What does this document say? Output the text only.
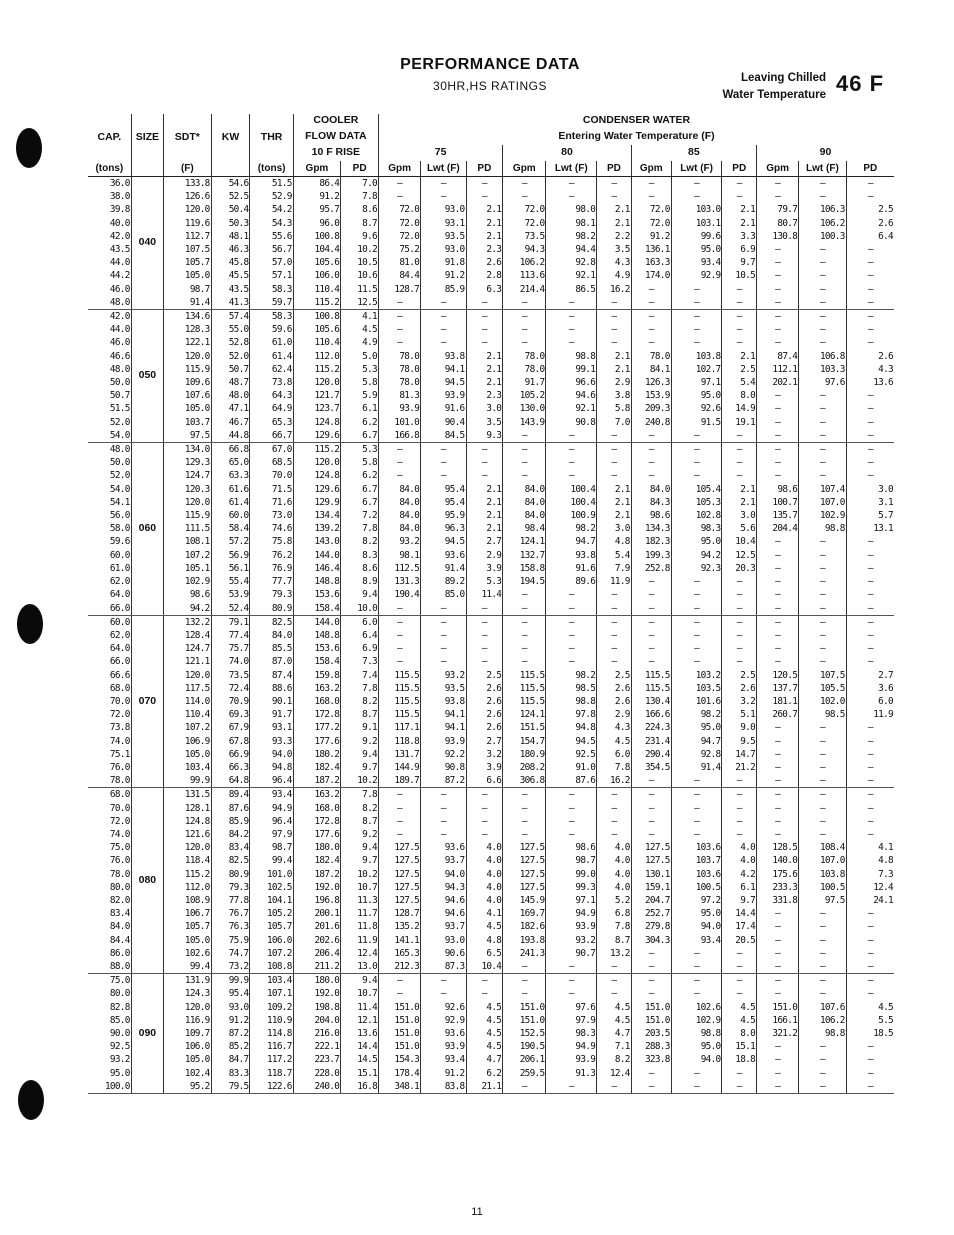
PERFORMANCE DATA
30HR,HS RATINGS
Leaving Chilled
Water Temperature 46 F
CAP.	SIZE	SDT*	KW	THR	COOLER		CONDENSER WATER											
					FLOW DATA		Entering Water Temperature (F)											
					10 F RISE		75			80			85			90		
(tons)		(F)		(tons)	Gpm	PD	Gpm	Lwt (F)	PD	Gpm	Lwt (F)	PD	Gpm	Lwt (F)	PD	Gpm	Lwt (F)	PD
36.0	040	133.8	54.6	51.5	86.4	7.0	—	—	—	—	—	—	—	—	—	—	—	—
38.0		126.6	52.5	52.9	91.2	7.8	—	—	—	—	—	—	—	—	—	—	—	—
39.8		120.0	50.4	54.2	95.7	8.6	72.0	93.0	2.1	72.0	98.0	2.1	72.0	103.0	2.1	79.7	106.3	2.5
40.0		119.6	50.3	54.3	96.0	8.7	72.0	93.1	2.1	72.0	98.1	2.1	72.0	103.1	2.1	80.7	106.2	2.6
42.0		112.7	48.1	55.6	100.8	9.6	72.0	93.5	2.1	73.5	98.2	2.2	91.2	99.6	3.3	130.8	100.3	6.4
43.5		107.5	46.3	56.7	104.4	10.2	75.2	93.0	2.3	94.3	94.4	3.5	136.1	95.0	6.9	—	—	—
44.0		105.7	45.8	57.0	105.6	10.5	81.0	91.8	2.6	106.2	92.8	4.3	163.3	93.4	9.7	—	—	—
44.2		105.0	45.5	57.1	106.0	10.6	84.4	91.2	2.8	113.6	92.1	4.9	174.0	92.9	10.5	—	—	—
46.0		98.7	43.5	58.3	110.4	11.5	128.7	85.9	6.3	214.4	86.5	16.2	—	—	—	—	—	—
48.0		91.4	41.3	59.7	115.2	12.5	—	—	—	—	—	—	—	—	—	—	—	—
42.0	050	134.6	57.4	58.3	100.8	4.1	—	—	—	—	—	—	—	—	—	—	—	—
44.0		128.3	55.0	59.6	105.6	4.5	—	—	—	—	—	—	—	—	—	—	—	—
46.0		122.1	52.8	61.0	110.4	4.9	—	—	—	—	—	—	—	—	—	—	—	—
46.6		120.0	52.0	61.4	112.0	5.0	78.0	93.8	2.1	78.0	98.8	2.1	78.0	103.8	2.1	87.4	106.8	2.6
48.0		115.9	50.7	62.4	115.2	5.3	78.0	94.1	2.1	78.0	99.1	2.1	84.1	102.7	2.5	112.1	103.3	4.3
50.0		109.6	48.7	73.8	120.0	5.8	78.0	94.5	2.1	91.7	96.6	2.9	126.3	97.1	5.4	202.1	97.6	13.6
50.7		107.6	48.0	64.3	121.7	5.9	81.3	93.9	2.3	105.2	94.6	3.8	153.9	95.0	8.0	—	—	—
51.5		105.0	47.1	64.9	123.7	6.1	93.9	91.6	3.0	130.0	92.1	5.8	209.3	92.6	14.9	—	—	—
52.0		103.7	46.7	65.3	124.8	6.2	101.0	90.4	3.5	143.9	90.8	7.0	240.8	91.5	19.1	—	—	—
54.0		97.5	44.8	66.7	129.6	6.7	166.8	84.5	9.3	—	—	—	—	—	—	—	—	—
48.0	060	134.0	66.8	67.0	115.2	5.3	—	—	—	—	—	—	—	—	—	—	—	—
50.0		129.3	65.0	68.5	120.0	5.8	—	—	—	—	—	—	—	—	—	—	—	—
52.0		124.7	63.3	70.0	124.8	6.2	—	—	—	—	—	—	—	—	—	—	—	—
54.0		120.3	61.6	71.5	129.6	6.7	84.0	95.4	2.1	84.0	100.4	2.1	84.0	105.4	2.1	98.6	107.4	3.0
54.1		120.0	61.4	71.6	129.9	6.7	84.0	95.4	2.1	84.0	100.4	2.1	84.3	105.3	2.1	100.7	107.0	3.1
56.0		115.9	60.0	73.0	134.4	7.2	84.0	95.9	2.1	84.0	100.9	2.1	98.6	102.8	3.0	135.7	102.9	5.7
58.0		111.5	58.4	74.6	139.2	7.8	84.0	96.3	2.1	98.4	98.2	3.0	134.3	98.3	5.6	204.4	98.8	13.1
59.6		108.1	57.2	75.8	143.0	8.2	93.2	94.5	2.7	124.1	94.7	4.8	182.3	95.0	10.4	—	—	—
60.0		107.2	56.9	76.2	144.0	8.3	98.1	93.6	2.9	132.7	93.8	5.4	199.3	94.2	12.5	—	—	—
61.0		105.1	56.1	76.9	146.4	8.6	112.5	91.4	3.9	158.8	91.6	7.9	252.8	92.3	20.3	—	—	—
62.0		102.9	55.4	77.7	148.8	8.9	131.3	89.2	5.3	194.5	89.6	11.9	—	—	—	—	—	—
64.0		98.6	53.9	79.3	153.6	9.4	190.4	85.0	11.4	—	—	—	—	—	—	—	—	—
66.0		94.2	52.4	80.9	158.4	10.0	—	—	—	—	—	—	—	—	—	—	—	—
60.0	070	132.2	79.1	82.5	144.0	6.0	—	—	—	—	—	—	—	—	—	—	—	—
62.0		128.4	77.4	84.0	148.8	6.4	—	—	—	—	—	—	—	—	—	—	—	—
64.0		124.7	75.7	85.5	153.6	6.9	—	—	—	—	—	—	—	—	—	—	—	—
66.0		121.1	74.0	87.0	158.4	7.3	—	—	—	—	—	—	—	—	—	—	—	—
66.6		120.0	73.5	87.4	159.8	7.4	115.5	93.2	2.5	115.5	98.2	2.5	115.5	103.2	2.5	120.5	107.5	2.7
68.0		117.5	72.4	88.6	163.2	7.8	115.5	93.5	2.6	115.5	98.5	2.6	115.5	103.5	2.6	137.7	105.5	3.6
70.0		114.0	70.9	90.1	168.0	8.2	115.5	93.8	2.6	115.5	98.8	2.6	130.4	101.6	3.2	181.1	102.0	6.0
72.0		110.4	69.3	91.7	172.8	8.7	115.5	94.1	2.6	124.1	97.8	2.9	166.6	98.2	5.1	260.7	98.5	11.9
73.8		107.2	67.9	93.1	177.2	9.1	117.1	94.1	2.6	151.5	94.8	4.3	224.3	95.0	9.0	—	—	—
74.0		106.9	67.8	93.3	177.6	9.2	118.8	93.9	2.7	154.7	94.5	4.5	231.4	94.7	9.5	—	—	—
75.1		105.0	66.9	94.0	180.2	9.4	131.7	92.2	3.2	180.9	92.5	6.0	290.4	92.8	14.7	—	—	—
76.0		103.4	66.3	94.8	182.4	9.7	144.9	90.8	3.9	208.2	91.0	7.8	354.5	91.4	21.2	—	—	—
78.0		99.9	64.8	96.4	187.2	10.2	189.7	87.2	6.6	306.8	87.6	16.2	—	—	—	—	—	—
68.0	080	131.5	89.4	93.4	163.2	7.8	—	—	—	—	—	—	—	—	—	—	—	—
70.0		128.1	87.6	94.9	168.0	8.2	—	—	—	—	—	—	—	—	—	—	—	—
72.0		124.8	85.9	96.4	172.8	8.7	—	—	—	—	—	—	—	—	—	—	—	—
74.0		121.6	84.2	97.9	177.6	9.2	—	—	—	—	—	—	—	—	—	—	—	—
75.0		120.0	83.4	98.7	180.0	9.4	127.5	93.6	4.0	127.5	98.6	4.0	127.5	103.6	4.0	128.5	108.4	4.1
76.0		118.4	82.5	99.4	182.4	9.7	127.5	93.7	4.0	127.5	98.7	4.0	127.5	103.7	4.0	140.0	107.0	4.8
78.0		115.2	80.9	101.0	187.2	10.2	127.5	94.0	4.0	127.5	99.0	4.0	130.1	103.6	4.2	175.6	103.8	7.3
80.0		112.0	79.3	102.5	192.0	10.7	127.5	94.3	4.0	127.5	99.3	4.0	159.1	100.5	6.1	233.3	100.5	12.4
82.0		108.9	77.8	104.1	196.8	11.3	127.5	94.6	4.0	145.9	97.1	5.2	204.7	97.2	9.7	331.8	97.5	24.1
83.4		106.7	76.7	105.2	200.1	11.7	128.7	94.6	4.1	169.7	94.9	6.8	252.7	95.0	14.4	—	—	—
84.0		105.7	76.3	105.7	201.6	11.8	135.2	93.7	4.5	182.6	93.9	7.8	279.8	94.0	17.4	—	—	—
84.4		105.0	75.9	106.0	202.6	11.9	141.1	93.0	4.8	193.8	93.2	8.7	304.3	93.4	20.5	—	—	—
86.0		102.6	74.7	107.2	206.4	12.4	165.3	90.6	6.5	241.3	90.7	13.2	—	—	—	—	—	—
88.0		99.4	73.2	108.8	211.2	13.0	212.3	87.3	10.4	—	—	—	—	—	—	—	—	—
75.0	090	131.9	99.9	103.4	180.0	9.4	—	—	—	—	—	—	—	—	—	—	—	—
80.0		124.3	95.4	107.1	192.0	10.7	—	—	—	—	—	—	—	—	—	—	—	—
82.8		120.0	93.0	109.2	198.8	11.4	151.0	92.6	4.5	151.0	97.6	4.5	151.0	102.6	4.5	151.0	107.6	4.5
85.0		116.9	91.2	110.9	204.0	12.1	151.0	92.9	4.5	151.0	97.9	4.5	151.0	102.9	4.5	166.1	106.2	5.5
90.0		109.7	87.2	114.8	216.0	13.6	151.0	93.6	4.5	152.5	98.3	4.7	203.5	98.8	8.0	321.2	98.8	18.5
92.5		106.0	85.2	116.7	222.1	14.4	151.0	93.9	4.5	190.5	94.9	7.1	288.3	95.0	15.1	—	—	—
93.2		105.0	84.7	117.2	223.7	14.5	154.3	93.4	4.7	206.1	93.9	8.2	323.8	94.0	18.8	—	—	—
95.0		102.4	83.3	118.7	228.0	15.1	178.4	91.2	6.2	259.5	91.3	12.4	—	—	—	—	—	—
100.0		95.2	79.5	122.6	240.0	16.8	348.1	83.8	21.1	—	—	—	—	—	—	—	—	—
11
